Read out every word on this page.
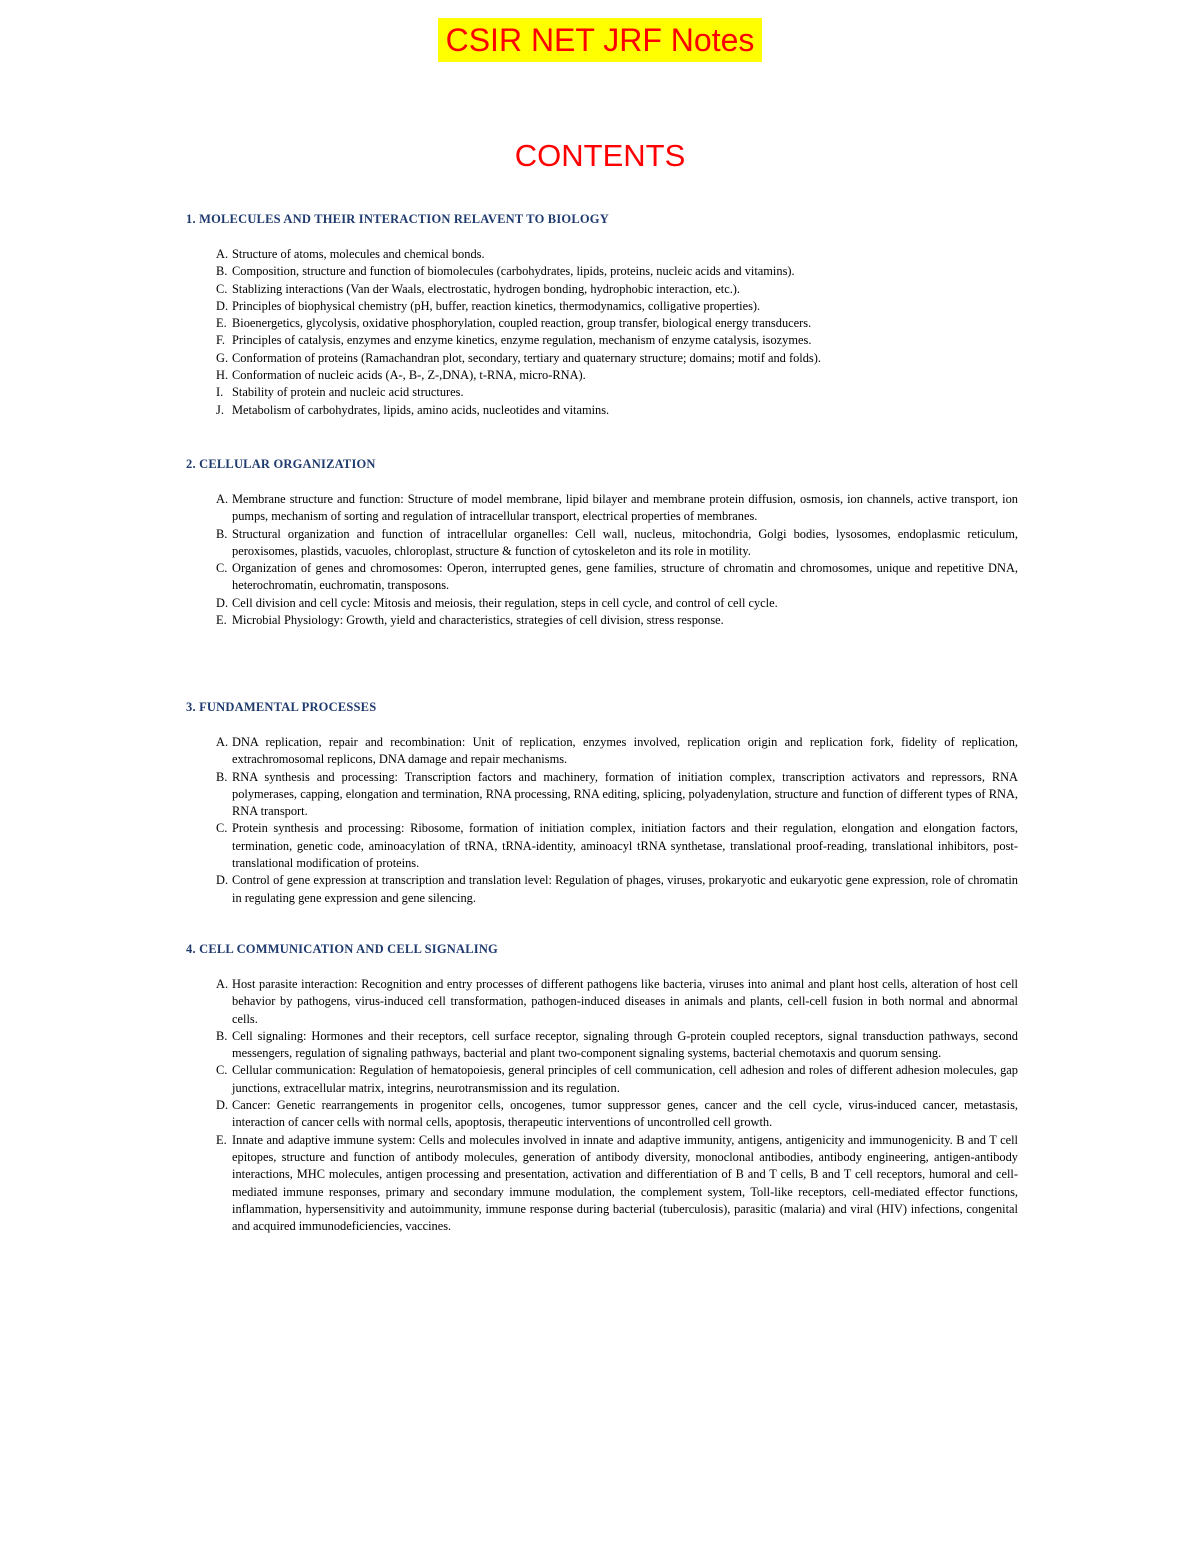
CSIR NET JRF Notes
CONTENTS
1. MOLECULES AND THEIR INTERACTION RELAVENT TO BIOLOGY
A. Structure of atoms, molecules and chemical bonds.
B. Composition, structure and function of biomolecules (carbohydrates, lipids, proteins, nucleic acids and vitamins).
C. Stablizing interactions (Van der Waals, electrostatic, hydrogen bonding, hydrophobic interaction, etc.).
D. Principles of biophysical chemistry (pH, buffer, reaction kinetics, thermodynamics, colligative properties).
E. Bioenergetics, glycolysis, oxidative phosphorylation, coupled reaction, group transfer, biological energy transducers.
F. Principles of catalysis, enzymes and enzyme kinetics, enzyme regulation, mechanism of enzyme catalysis, isozymes.
G. Conformation of proteins (Ramachandran plot, secondary, tertiary and quaternary structure; domains; motif and folds).
H. Conformation of nucleic acids (A-, B-, Z-,DNA), t-RNA, micro-RNA).
I. Stability of protein and nucleic acid structures.
J. Metabolism of carbohydrates, lipids, amino acids, nucleotides and vitamins.
2. CELLULAR ORGANIZATION
A. Membrane structure and function: Structure of model membrane, lipid bilayer and membrane protein diffusion, osmosis, ion channels, active transport, ion pumps, mechanism of sorting and regulation of intracellular transport, electrical properties of membranes.
B. Structural organization and function of intracellular organelles: Cell wall, nucleus, mitochondria, Golgi bodies, lysosomes, endoplasmic reticulum, peroxisomes, plastids, vacuoles, chloroplast, structure & function of cytoskeleton and its role in motility.
C. Organization of genes and chromosomes: Operon, interrupted genes, gene families, structure of chromatin and chromosomes, unique and repetitive DNA, heterochromatin, euchromatin, transposons.
D. Cell division and cell cycle: Mitosis and meiosis, their regulation, steps in cell cycle, and control of cell cycle.
E. Microbial Physiology: Growth, yield and characteristics, strategies of cell division, stress response.
3. FUNDAMENTAL PROCESSES
A. DNA replication, repair and recombination: Unit of replication, enzymes involved, replication origin and replication fork, fidelity of replication, extrachromosomal replicons, DNA damage and repair mechanisms.
B. RNA synthesis and processing: Transcription factors and machinery, formation of initiation complex, transcription activators and repressors, RNA polymerases, capping, elongation and termination, RNA processing, RNA editing, splicing, polyadenylation, structure and function of different types of RNA, RNA transport.
C. Protein synthesis and processing: Ribosome, formation of initiation complex, initiation factors and their regulation, elongation and elongation factors, termination, genetic code, aminoacylation of tRNA, tRNA-identity, aminoacyl tRNA synthetase, translational proof-reading, translational inhibitors, post- translational modification of proteins.
D. Control of gene expression at transcription and translation level: Regulation of phages, viruses, prokaryotic and eukaryotic gene expression, role of chromatin in regulating gene expression and gene silencing.
4. CELL COMMUNICATION AND CELL SIGNALING
A. Host parasite interaction: Recognition and entry processes of different pathogens like bacteria, viruses into animal and plant host cells, alteration of host cell behavior by pathogens, virus-induced cell transformation, pathogen-induced diseases in animals and plants, cell-cell fusion in both normal and abnormal cells.
B. Cell signaling: Hormones and their receptors, cell surface receptor, signaling through G-protein coupled receptors, signal transduction pathways, second messengers, regulation of signaling pathways, bacterial and plant two-component signaling systems, bacterial chemotaxis and quorum sensing.
C. Cellular communication: Regulation of hematopoiesis, general principles of cell communication, cell adhesion and roles of different adhesion molecules, gap junctions, extracellular matrix, integrins, neurotransmission and its regulation.
D. Cancer: Genetic rearrangements in progenitor cells, oncogenes, tumor suppressor genes, cancer and the cell cycle, virus-induced cancer, metastasis, interaction of cancer cells with normal cells, apoptosis, therapeutic interventions of uncontrolled cell growth.
E. Innate and adaptive immune system: Cells and molecules involved in innate and adaptive immunity, antigens, antigenicity and immunogenicity. B and T cell epitopes, structure and function of antibody molecules, generation of antibody diversity, monoclonal antibodies, antibody engineering, antigen-antibody interactions, MHC molecules, antigen processing and presentation, activation and differentiation of B and T cells, B and T cell receptors, humoral and cell-mediated immune responses, primary and secondary immune modulation, the complement system, Toll-like receptors, cell-mediated effector functions, inflammation, hypersensitivity and autoimmunity, immune response during bacterial (tuberculosis), parasitic (malaria) and viral (HIV) infections, congenital and acquired immunodeficiencies, vaccines.
